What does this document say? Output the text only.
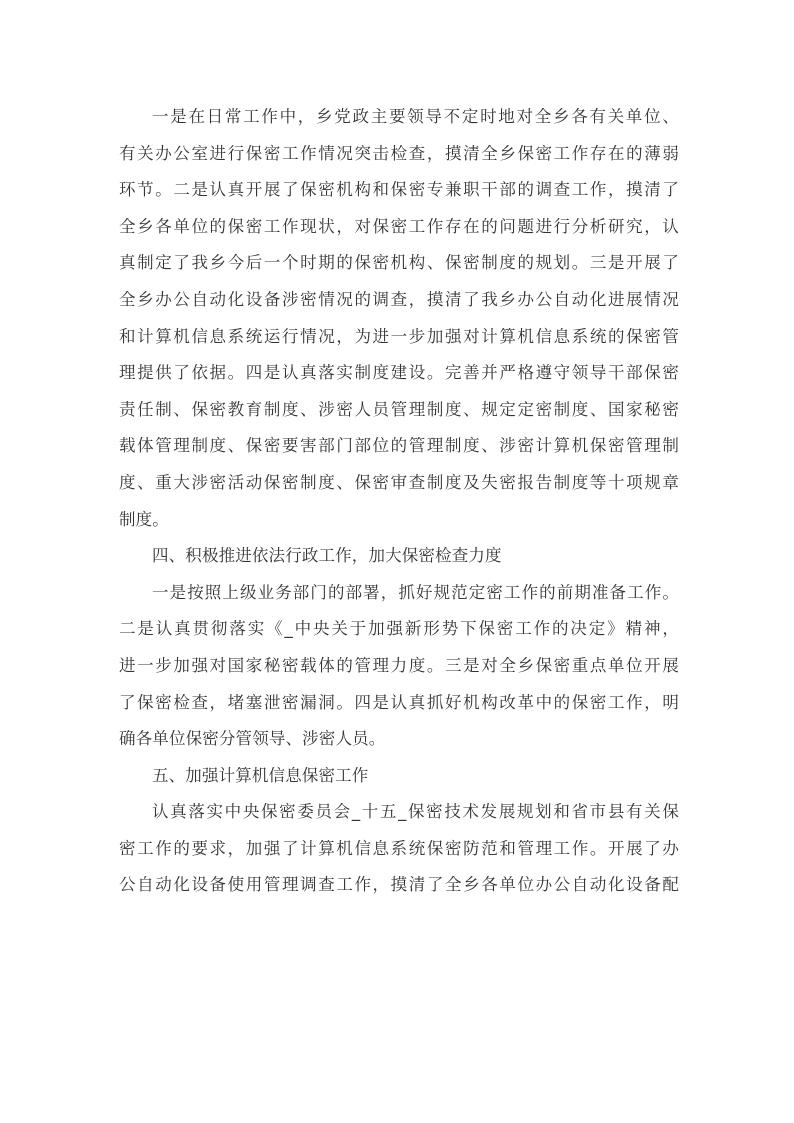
一是在日常工作中，乡党政主要领导不定时地对全乡各有关单位、
有关办公室进行保密工作情况突击检查，摸清全乡保密工作存在的薄弱
环节。二是认真开展了保密机构和保密专兼职干部的调查工作，摸清了
全乡各单位的保密工作现状，对保密工作存在的问题进行分析研究，认
真制定了我乡今后一个时期的保密机构、保密制度的规划。三是开展了
全乡办公自动化设备涉密情况的调查，摸清了我乡办公自动化进展情况
和计算机信息系统运行情况，为进一步加强对计算机信息系统的保密管
理提供了依据。四是认真落实制度建设。完善并严格遵守领导干部保密
责任制、保密教育制度、涉密人员管理制度、规定定密制度、国家秘密
载体管理制度、保密要害部门部位的管理制度、涉密计算机保密管理制
度、重大涉密活动保密制度、保密审查制度及失密报告制度等十项规章
制度。
四、积极推进依法行政工作，加大保密检查力度
一是按照上级业务部门的部署，抓好规范定密工作的前期准备工作。
二是认真贯彻落实《_中央关于加强新形势下保密工作的决定》精神，
进一步加强对国家秘密载体的管理力度。三是对全乡保密重点单位开展
了保密检查，堵塞泄密漏洞。四是认真抓好机构改革中的保密工作，明
确各单位保密分管领导、涉密人员。
五、加强计算机信息保密工作
认真落实中央保密委员会_十五_保密技术发展规划和省市县有关保
密工作的要求，加强了计算机信息系统保密防范和管理工作。开展了办
公自动化设备使用管理调查工作，摸清了全乡各单位办公自动化设备配
